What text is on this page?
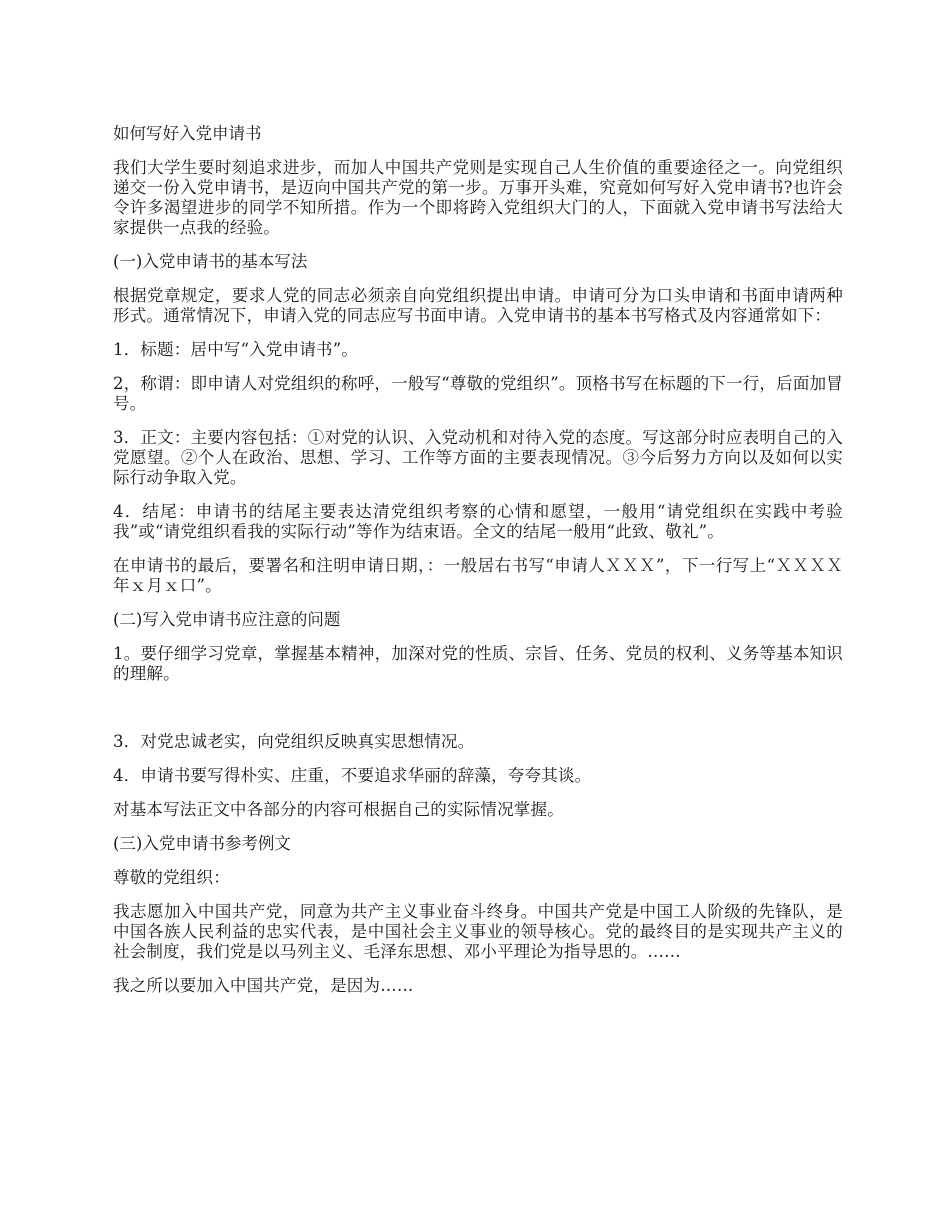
如何写好入党申请书

我们大学生要时刻追求进步，而加人中国共产党则是实现自己人生价值的重要途径之一。向党组织递交一份入党申请书，是迈向中国共产党的第一步。万事开头难，究竟如何写好入党申请书?也许会令许多渴望进步的同学不知所措。作为一个即将跨入党组织大门的人，下面就入党申请书写法给大家提供一点我的经验。

(一)入党申请书的基本写法

根据党章规定，要求人党的同志必须亲自向党组织提出申请。申请可分为口头申请和书面申请两种形式。通常情况下，申请入党的同志应写书面申请。入党申请书的基本书写格式及内容通常如下：

1．标题：居中写“入党申请书”。

2，称谓：即申请人对党组织的称呼，一般写“尊敬的党组织”。顶格书写在标题的下一行，后面加冒号。

3．正文：主要内容包括：①对党的认识、入党动机和对待入党的态度。写这部分时应表明自己的入党愿望。②个人在政治、思想、学习、工作等方面的主要表现情况。③今后努力方向以及如何以实际行动争取入党。

4．结尾：申请书的结尾主要表达清党组织考察的心情和愿望，一般用“请党组织在实践中考验我”或“请党组织看我的实际行动”等作为结束语。全文的结尾一般用“此致、敬礼”。

在申请书的最后，要署名和注明申请日期，：一般居右书写“申请人ＸＸＸ”，下一行写上“ＸＸＸＸ年ｘ月ｘ口”。

(二)写入党申请书应注意的问题

1。要仔细学习党章，掌握基本精神，加深对党的性质、宗旨、任务、党员的权利、义务等基本知识的理解。

3．对党忠诚老实，向党组织反映真实思想情况。

4．申请书要写得朴实、庄重，不要追求华丽的辞藻，夸夸其谈。

对基本写法正文中各部分的内容可根据自己的实际情况掌握。

(三)入党申请书参考例文

尊敬的党组织：

我志愿加入中国共产党，同意为共产主义事业奋斗终身。中国共产党是中国工人阶级的先锋队，是中国各族人民利益的忠实代表，是中国社会主义事业的领导核心。党的最终目的是实现共产主义的社会制度，我们党是以马列主义、毛泽东思想、邓小平理论为指导思的。……

我之所以要加入中国共产党，是因为……
